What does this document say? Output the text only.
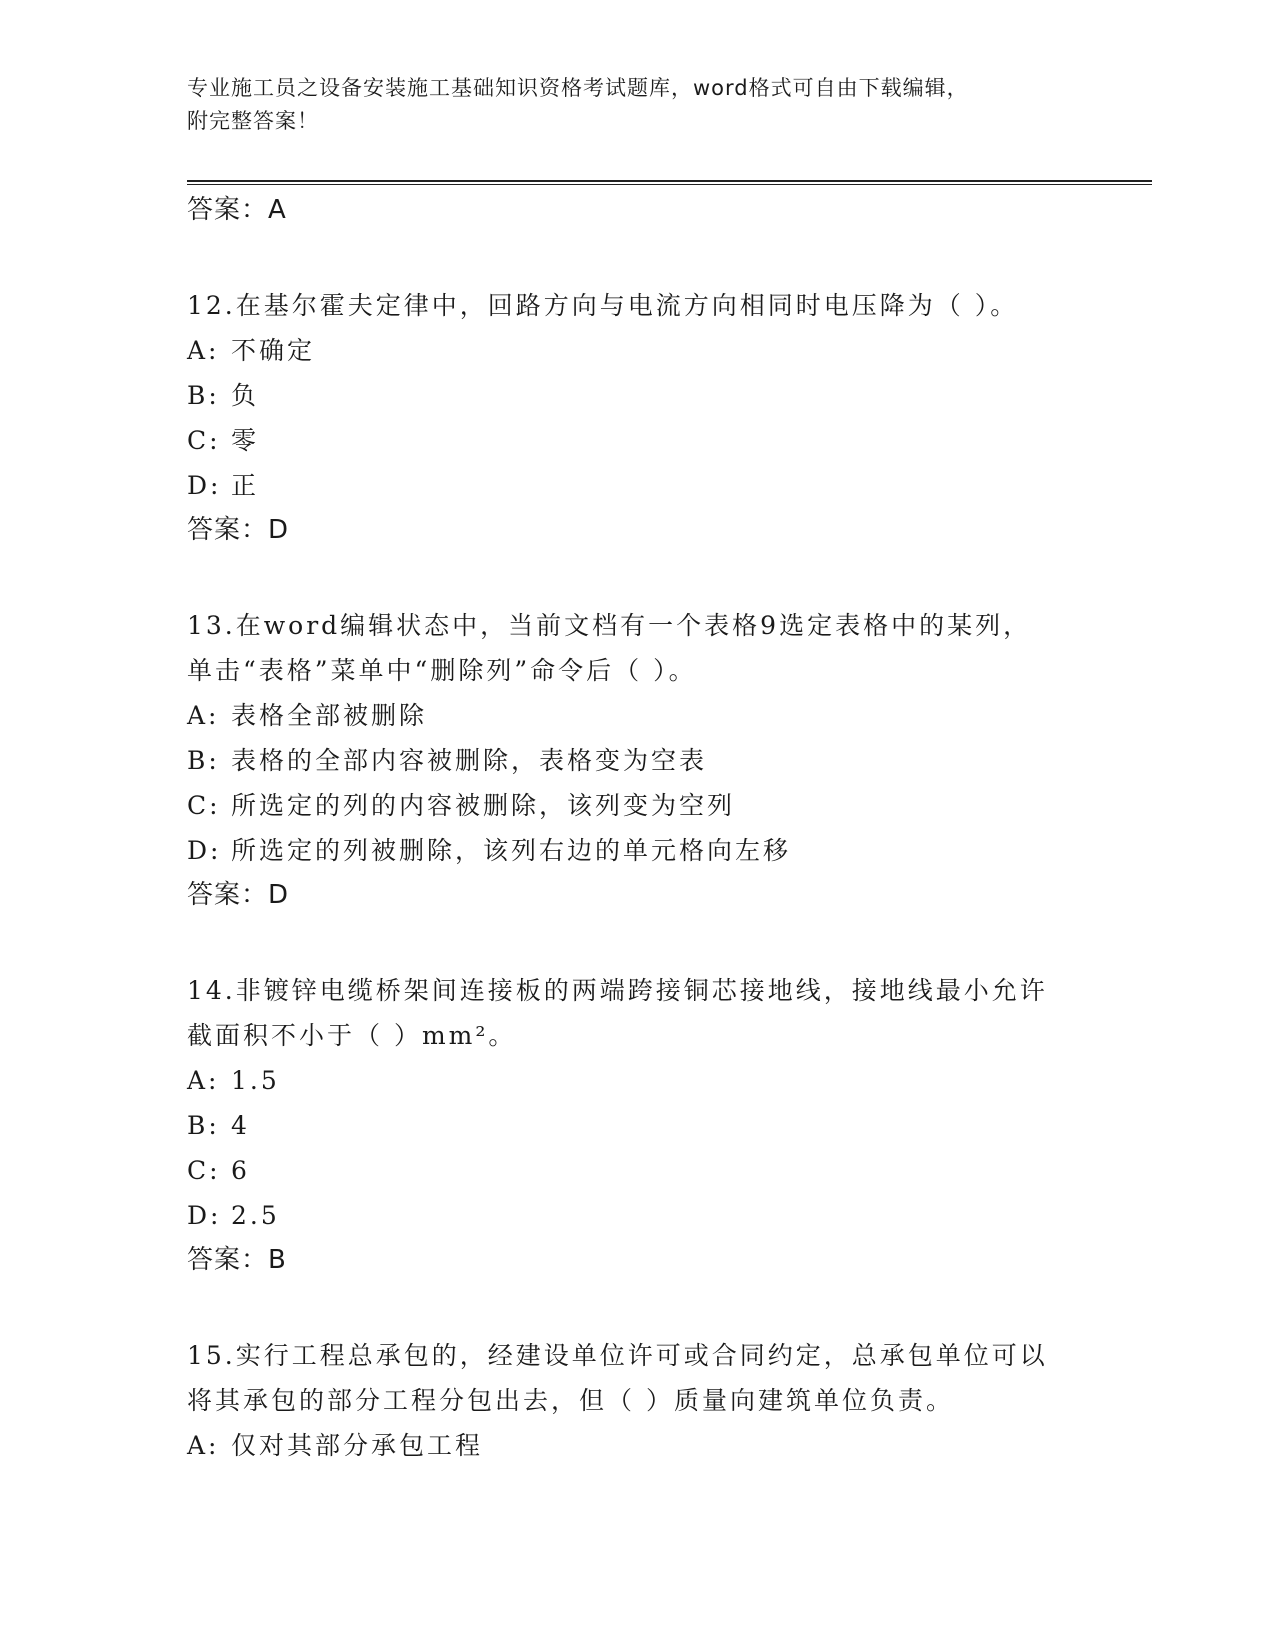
专业施工员之设备安装施工基础知识资格考试题库，word格式可自由下载编辑，
附完整答案！
答案：A
12.在基尔霍夫定律中，回路方向与电流方向相同时电压降为（ ）。
A: 不确定
B: 负
C: 零
D: 正
答案：D
13.在word编辑状态中，当前文档有一个表格9选定表格中的某列，
单击“表格”菜单中“删除列”命令后（ ）。
A: 表格全部被删除
B: 表格的全部内容被删除，表格变为空表
C: 所选定的列的内容被删除，该列变为空列
D: 所选定的列被删除，该列右边的单元格向左移
答案：D
14.非镀锌电缆桥架间连接板的两端跨接铜芯接地线，接地线最小允许
截面积不小于（ ）mm²。
A: 1.5
B: 4
C: 6
D: 2.5
答案：B
15.实行工程总承包的，经建设单位许可或合同约定，总承包单位可以
将其承包的部分工程分包出去，但（ ）质量向建筑单位负责。
A: 仅对其部分承包工程
